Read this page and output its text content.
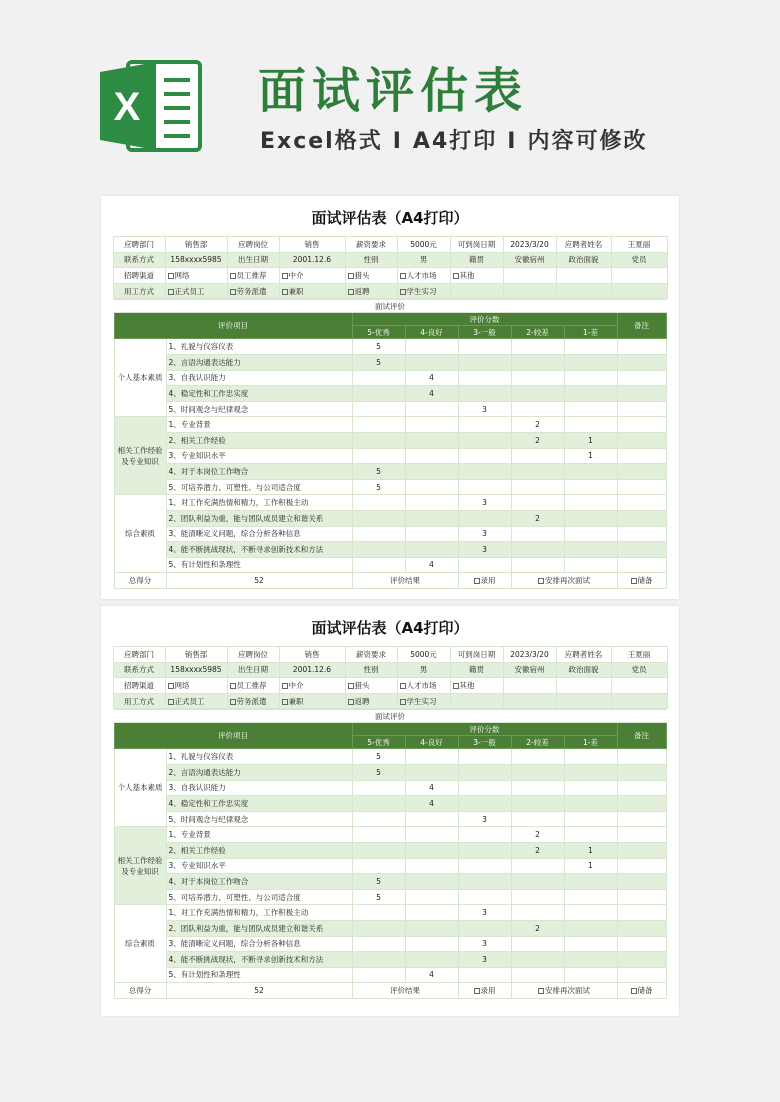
X 面试评估表
Excel格式 I A4打印 I 内容可修改
面试评估表（A4打印）
应聘部门	销售部	应聘岗位	销售	薪资要求	5000元	可到岗日期	2023/3/20	应聘者姓名	王夏丽
联系方式	158xxxx5985	出生日期	2001.12.6	性别	男	籍贯	安徽宿州	政治面貌	党员
招聘渠道	网络	员工推荐	中介	猎头	人才市场	其他			
用工方式	正式员工	劳务派遣	兼职	返聘	学生实习				
面试评价							
评价项目		评价分数					备注
		5-优秀	4-良好	3-一般	2-较差	1-差	
个人基本素质	1、礼貌与仪容仪表	5					
	2、言语沟通表达能力	5					
	3、自我认识能力		4				
	4、稳定性和工作忠实度		4				
	5、时间观念与纪律观念			3			
相关工作经验及专业知识	1、专业背景				2		
	2、相关工作经验				2	1	
	3、专业知识水平					1	
	4、对于本岗位工作吻合	5					
	5、可培养潜力、可塑性、与公司适合度	5					
综合素质	1、对工作充满热情和精力，工作积极主动			3			
	2、团队利益为重，能与团队成员建立和谐关系				2		
	3、能清晰定义问题，综合分析各种信息			3			
	4、能不断挑战现状，不断寻求创新技术和方法			3			
	5、有计划性和条理性		4				
总得分	52	评价结果		录用	安排再次面试		储备
面试评估表（A4打印）
应聘部门	销售部	应聘岗位	销售	薪资要求	5000元	可到岗日期	2023/3/20	应聘者姓名	王夏丽
联系方式	158xxxx5985	出生日期	2001.12.6	性别	男	籍贯	安徽宿州	政治面貌	党员
招聘渠道	网络	员工推荐	中介	猎头	人才市场	其他			
用工方式	正式员工	劳务派遣	兼职	返聘	学生实习				
面试评价							
评价项目		评价分数					备注
		5-优秀	4-良好	3-一般	2-较差	1-差	
个人基本素质	1、礼貌与仪容仪表	5					
	2、言语沟通表达能力	5					
	3、自我认识能力		4				
	4、稳定性和工作忠实度		4				
	5、时间观念与纪律观念			3			
相关工作经验及专业知识	1、专业背景				2		
	2、相关工作经验				2	1	
	3、专业知识水平					1	
	4、对于本岗位工作吻合	5					
	5、可培养潜力、可塑性、与公司适合度	5					
综合素质	1、对工作充满热情和精力，工作积极主动			3			
	2、团队利益为重，能与团队成员建立和谐关系				2		
	3、能清晰定义问题，综合分析各种信息			3			
	4、能不断挑战现状，不断寻求创新技术和方法			3			
	5、有计划性和条理性		4				
总得分	52	评价结果		录用	安排再次面试		储备
